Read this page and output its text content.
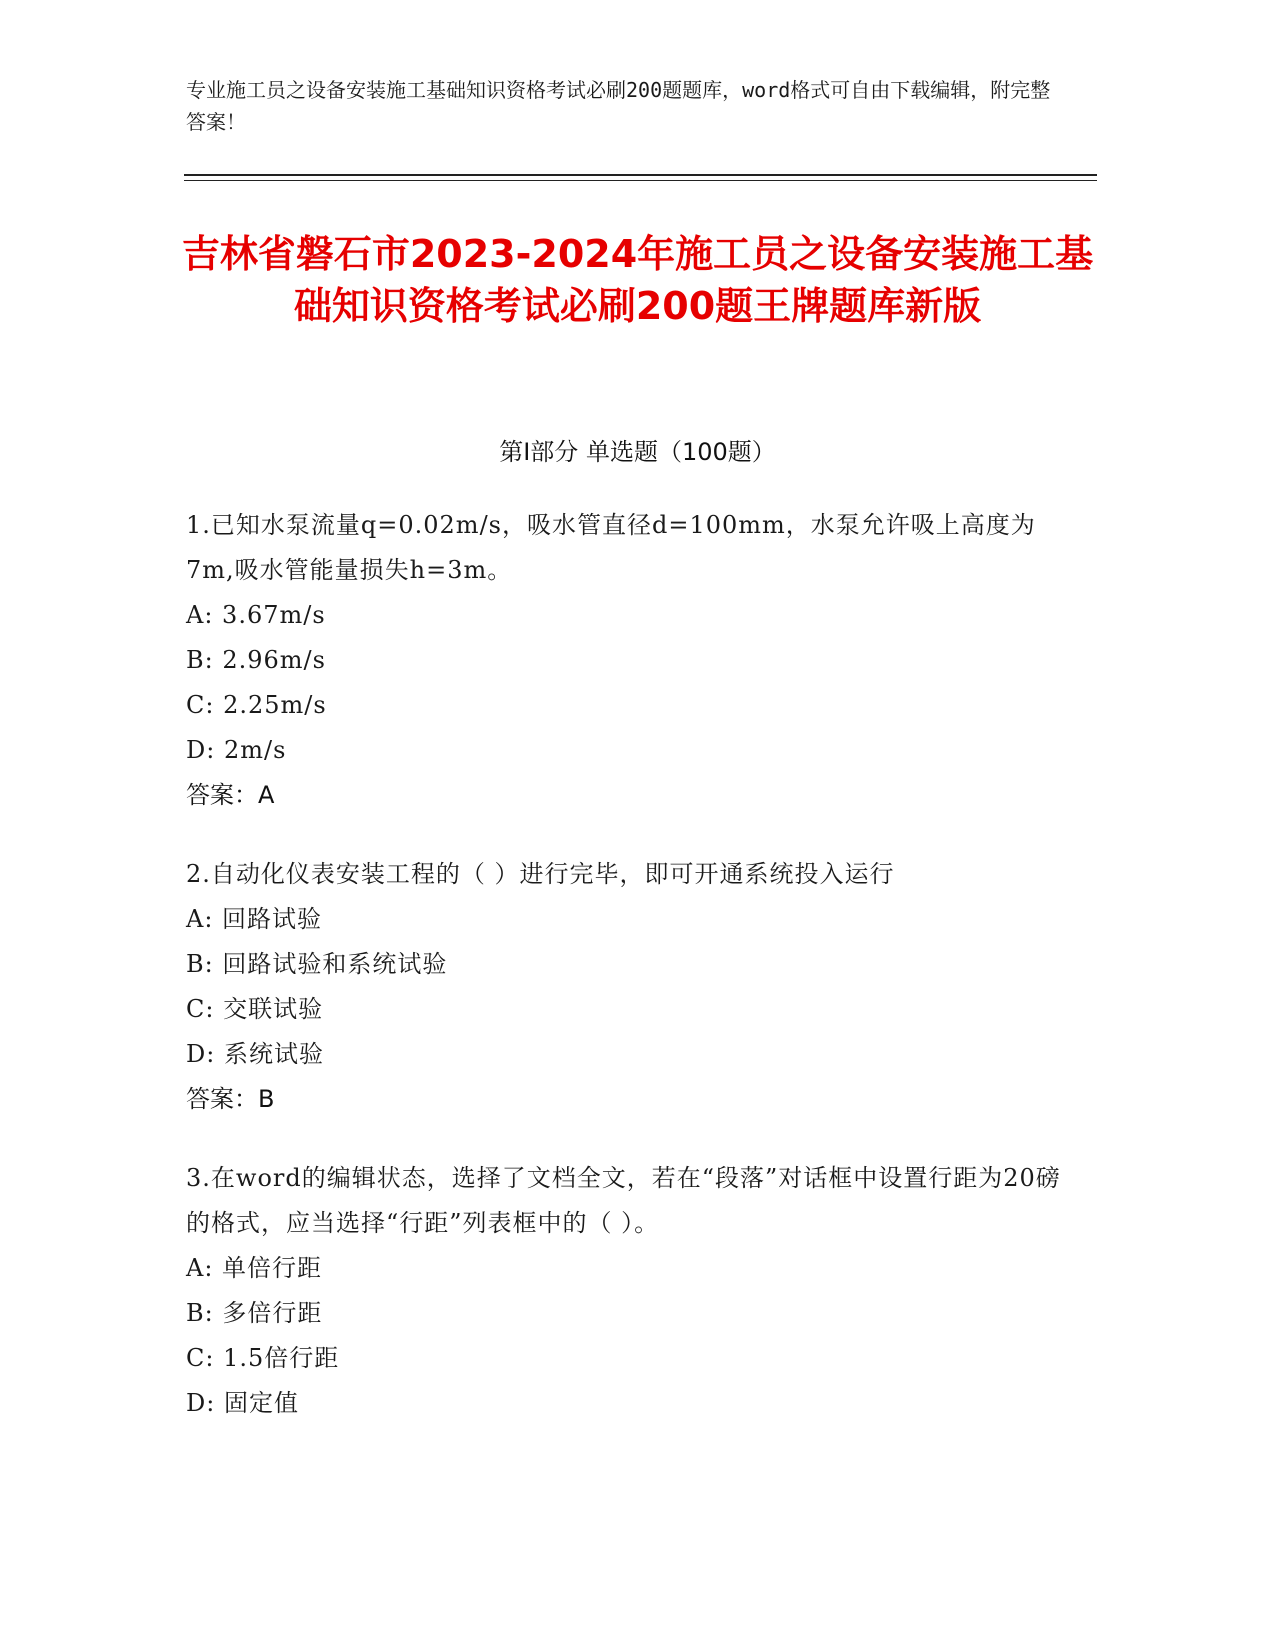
专业施工员之设备安装施工基础知识资格考试必刷200题题库，word格式可自由下载编辑，附完整答案！
吉林省磐石市2023-2024年施工员之设备安装施工基础知识资格考试必刷200题王牌题库新版
第I部分 单选题（100题）
1.已知水泵流量q=0.02m/s，吸水管直径d=100mm，水泵允许吸上高度为7m,吸水管能量损失h=3m。
A: 3.67m/s
B: 2.96m/s
C: 2.25m/s
D: 2m/s
答案：A
2.自动化仪表安装工程的（ ）进行完毕，即可开通系统投入运行
A: 回路试验
B: 回路试验和系统试验
C: 交联试验
D: 系统试验
答案：B
3.在word的编辑状态，选择了文档全文，若在“段落”对话框中设置行距为20磅的格式，应当选择“行距”列表框中的（ ）。
A: 单倍行距
B: 多倍行距
C: 1.5倍行距
D: 固定值
